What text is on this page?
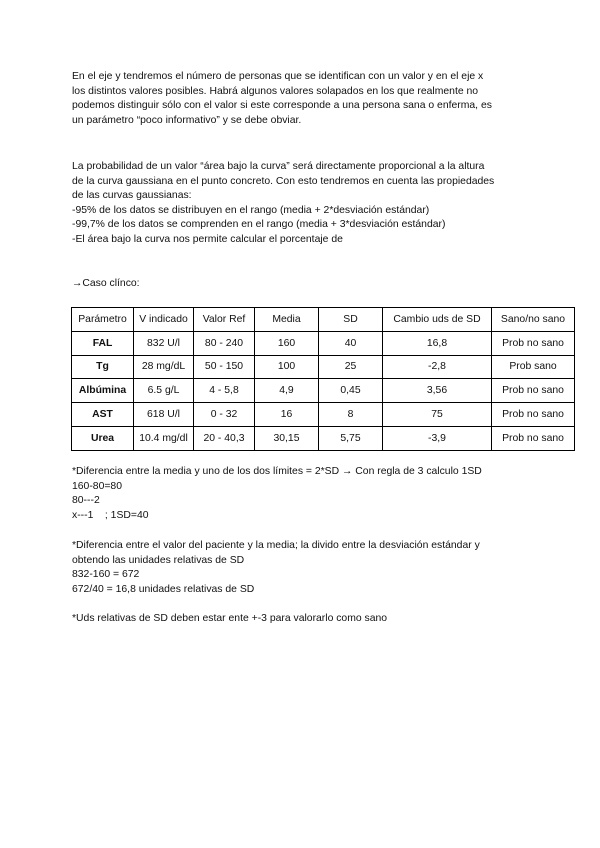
En el eje y tendremos el número de personas que se identifican con un valor y en el eje x

los distintos valores posibles. Habrá algunos valores solapados en los que realmente no

podemos distinguir sólo con el valor si este corresponde a una persona sana o enferma, es

un parámetro “poco informativo” y se debe obviar.

La probabilidad de un valor “área bajo la curva” será directamente proporcional a la altura

de la curva gaussiana en el punto concreto. Con esto tendremos en cuenta las propiedades

de las curvas gaussianas:

-95% de los datos se distribuyen en el rango (media + 2*desviación estándar)

-99,7% de los datos se comprenden en el rango (media + 3*desviación estándar)

-El área bajo la curva nos permite calcular el porcentaje de

→Caso clínco:

Parámetro	V indicado	Valor Ref	Media	SD	Cambio uds de SD	Sano/no sano
FAL	832 U/l	80 - 240	160	40	16,8	Prob no sano
Tg	28 mg/dL	50 - 150	100	25	-2,8	Prob sano
Albúmina	6.5 g/L	4 - 5,8	4,9	0,45	3,56	Prob no sano
AST	618 U/l	0 - 32	16	8	75	Prob no sano
Urea	10.4 mg/dl	20 - 40,3	30,15	5,75	-3,9	Prob no sano

*Diferencia entre la media y uno de los dos límites = 2*SD → Con regla de 3 calculo 1SD

160-80=80

80---2

x---1    ; 1SD=40

*Diferencia entre el valor del paciente y la media; la divido entre la desviación estándar y

obtendo las unidades relativas de SD

832-160 = 672

672/40 = 16,8 unidades relativas de SD

*Uds relativas de SD deben estar ente +-3 para valorarlo como sano
